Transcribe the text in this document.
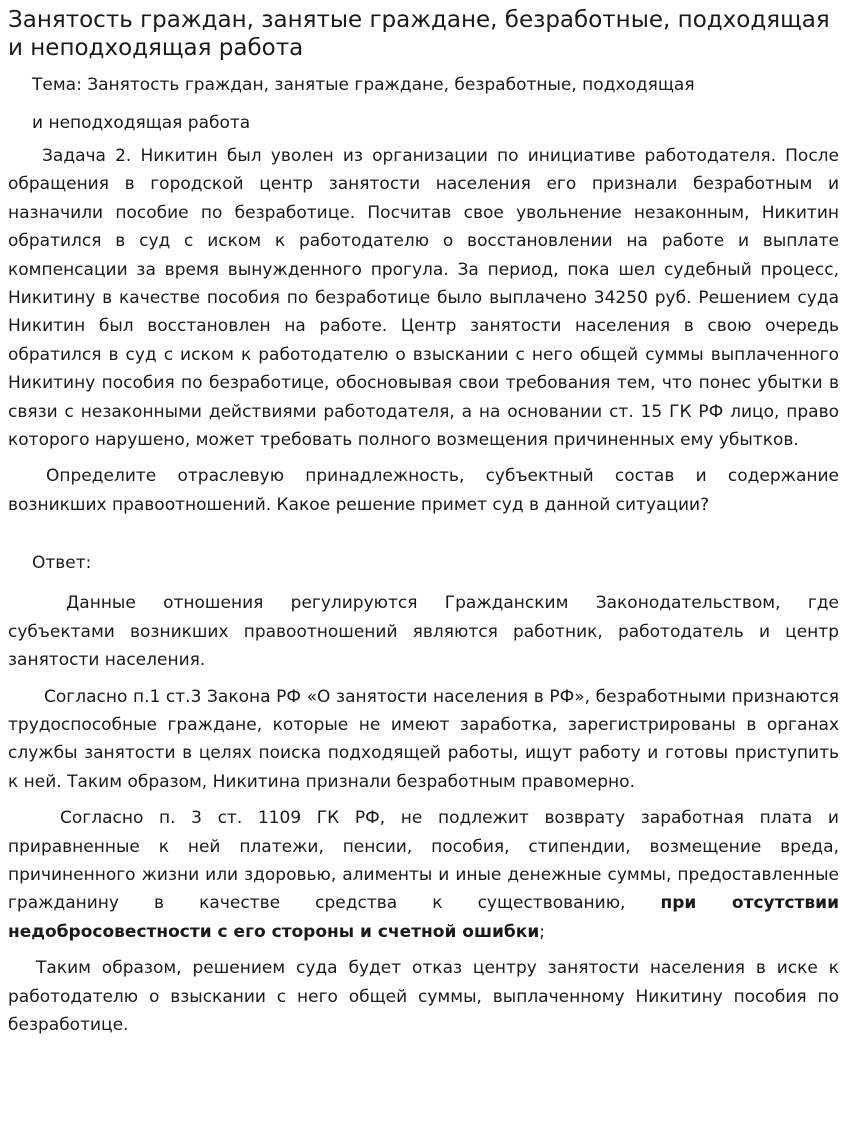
Занятость граждан, занятые граждане, безработные, подходящая и неподходящая работа

Тема: Занятость граждан, занятые граждане, безработные, подходящая

и неподходящая работа

Задача 2. Никитин был уволен из организации по инициативе работодателя. После обращения в городской центр занятости населения его признали безработным и назначили пособие по безработице. Посчитав свое увольнение незаконным, Никитин обратился в суд с иском к работодателю о восстановлении на работе и выплате компенсации за время вынужденного прогула. За период, пока шел судебный процесс, Никитину в качестве пособия по безработице было выплачено 34250 руб. Решением суда Никитин был восстановлен на работе. Центр занятости населения в свою очередь обратился в суд с иском к работодателю о взыскании с него общей суммы выплаченного Никитину пособия по безработице, обосновывая свои требования тем, что понес убытки в связи с незаконными действиями работодателя, а на основании ст. 15 ГК РФ лицо, право которого нарушено, может требовать полного возмещения причиненных ему убытков.

Определите отраслевую принадлежность, субъектный состав и содержание возникших правоотношений. Какое решение примет суд в данной ситуации?

Ответ:

Данные отношения регулируются Гражданским Законодательством, где субъектами возникших правоотношений являются работник, работодатель и центр занятости населения.

Согласно п.1 ст.3 Закона РФ «О занятости населения в РФ», безработными признаются трудоспособные граждане, которые не имеют заработка, зарегистрированы в органах службы занятости в целях поиска подходящей работы, ищут работу и готовы приступить к ней. Таким образом, Никитина признали безработным правомерно.

Согласно п. 3 ст. 1109 ГК РФ, не подлежит возврату заработная плата и приравненные к ней платежи, пенсии, пособия, стипендии, возмещение вреда, причиненного жизни или здоровью, алименты и иные денежные суммы, предоставленные гражданину в качестве средства к существованию, при отсутствии недобросовестности с его стороны и счетной ошибки;

Таким образом, решением суда будет отказ центру занятости населения в иске к работодателю о взыскании с него общей суммы, выплаченному Никитину пособия по безработице.
